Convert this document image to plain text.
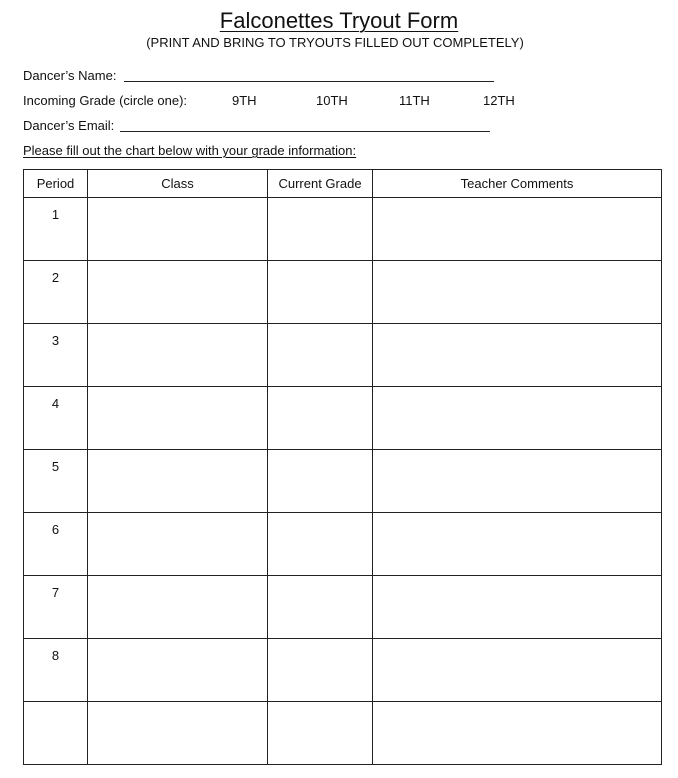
Falconettes Tryout Form
(PRINT AND BRING TO TRYOUTS FILLED OUT COMPLETELY)
Dancer’s Name:
Incoming Grade (circle one):	9TH	10TH	11TH	12TH
Dancer’s Email:
Please fill out the chart below with your grade information:
Period	Class	Current Grade	Teacher Comments
1			
2			
3			
4			
5			
6			
7			
8			
